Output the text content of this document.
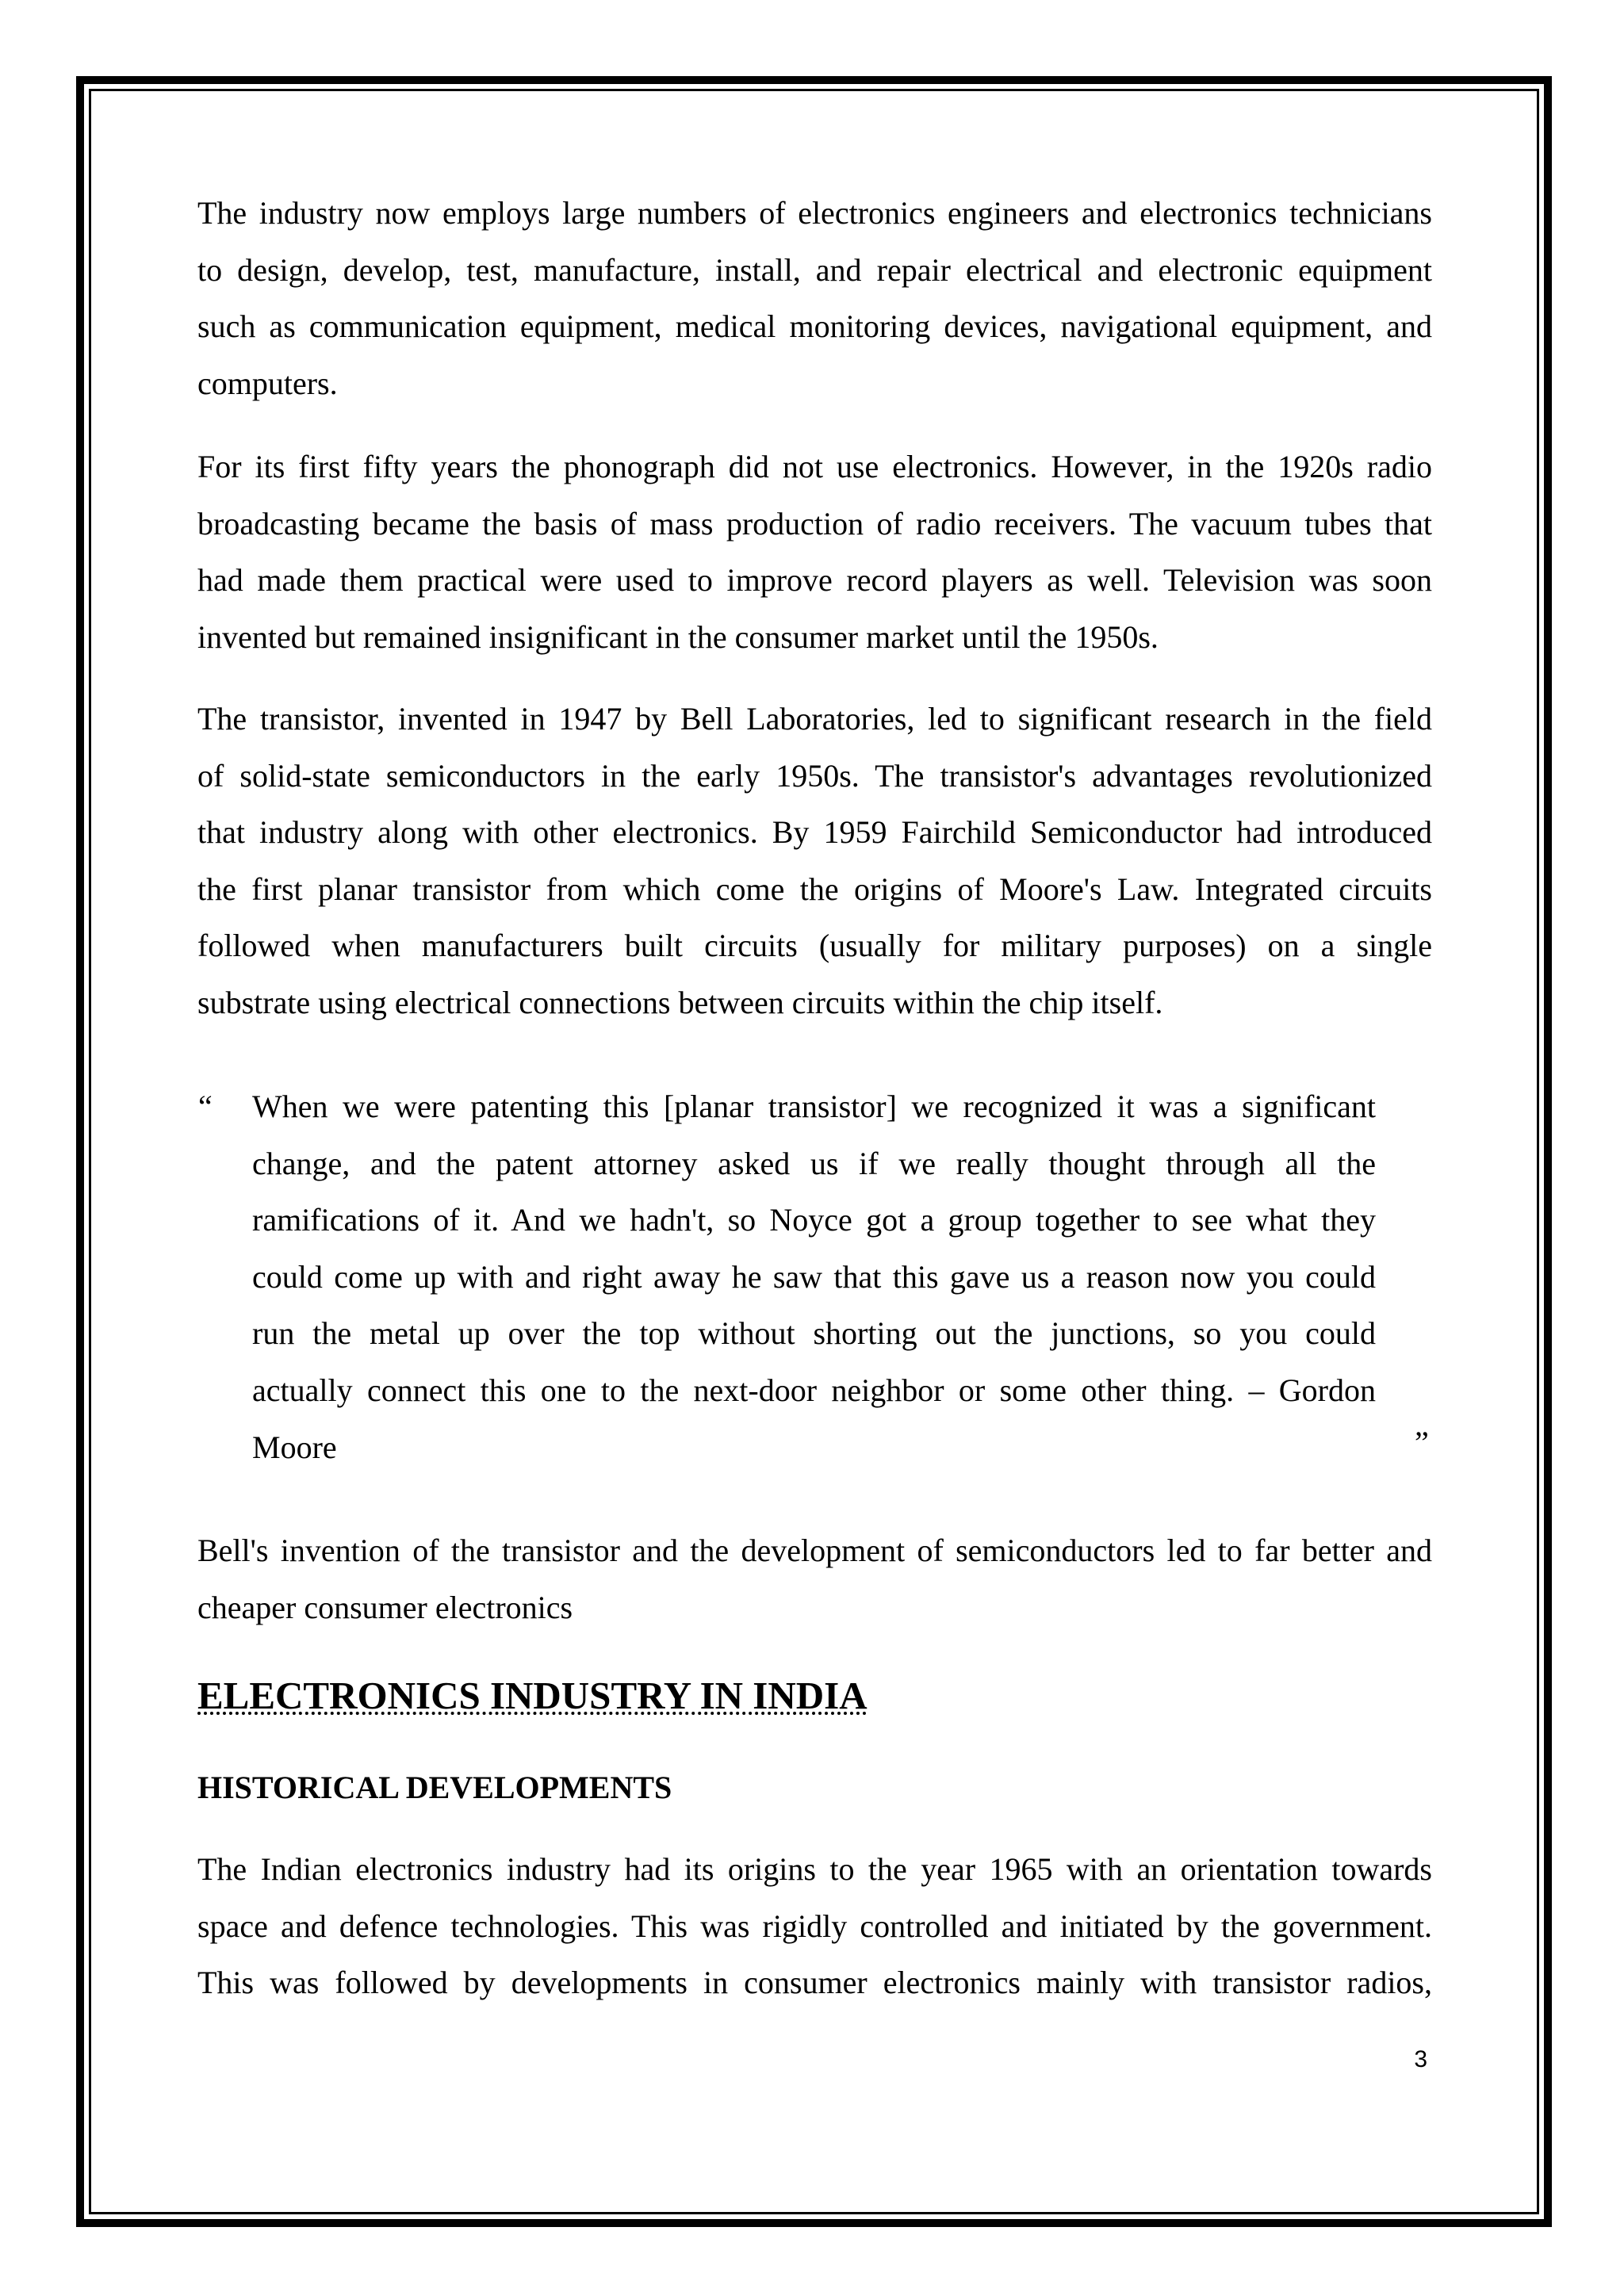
The industry now employs large numbers of electronics engineers and electronics technicians
to design, develop, test, manufacture, install, and repair electrical and electronic equipment
such as communication equipment, medical monitoring devices, navigational equipment, and
computers.
For its first fifty years the phonograph did not use electronics. However, in the 1920s radio
broadcasting became the basis of mass production of radio receivers. The vacuum tubes that
had made them practical were used to improve record players as well. Television was soon
invented but remained insignificant in the consumer market until the 1950s.
The transistor, invented in 1947 by Bell Laboratories, led to significant research in the field
of solid-state semiconductors in the early 1950s. The transistor's advantages revolutionized
that industry along with other electronics. By 1959 Fairchild Semiconductor had introduced
the first planar transistor from which come the origins of Moore's Law. Integrated circuits
followed when manufacturers built circuits (usually for military purposes) on a single
substrate using electrical connections between circuits within the chip itself.
“ When we were patenting this [planar transistor] we recognized it was a significant
change, and the patent attorney asked us if we really thought through all the
ramifications of it. And we hadn't, so Noyce got a group together to see what they
could come up with and right away he saw that this gave us a reason now you could
run the metal up over the top without shorting out the junctions, so you could
actually connect this one to the next-door neighbor or some other thing. – Gordon
Moore	”
Bell's invention of the transistor and the development of semiconductors led to far better and
cheaper consumer electronics
ELECTRONICS INDUSTRY IN INDIA
HISTORICAL DEVELOPMENTS
The Indian electronics industry had its origins to the year 1965 with an orientation towards
space and defence technologies. This was rigidly controlled and initiated by the government.
This was followed by developments in consumer electronics mainly with transistor radios,
3
